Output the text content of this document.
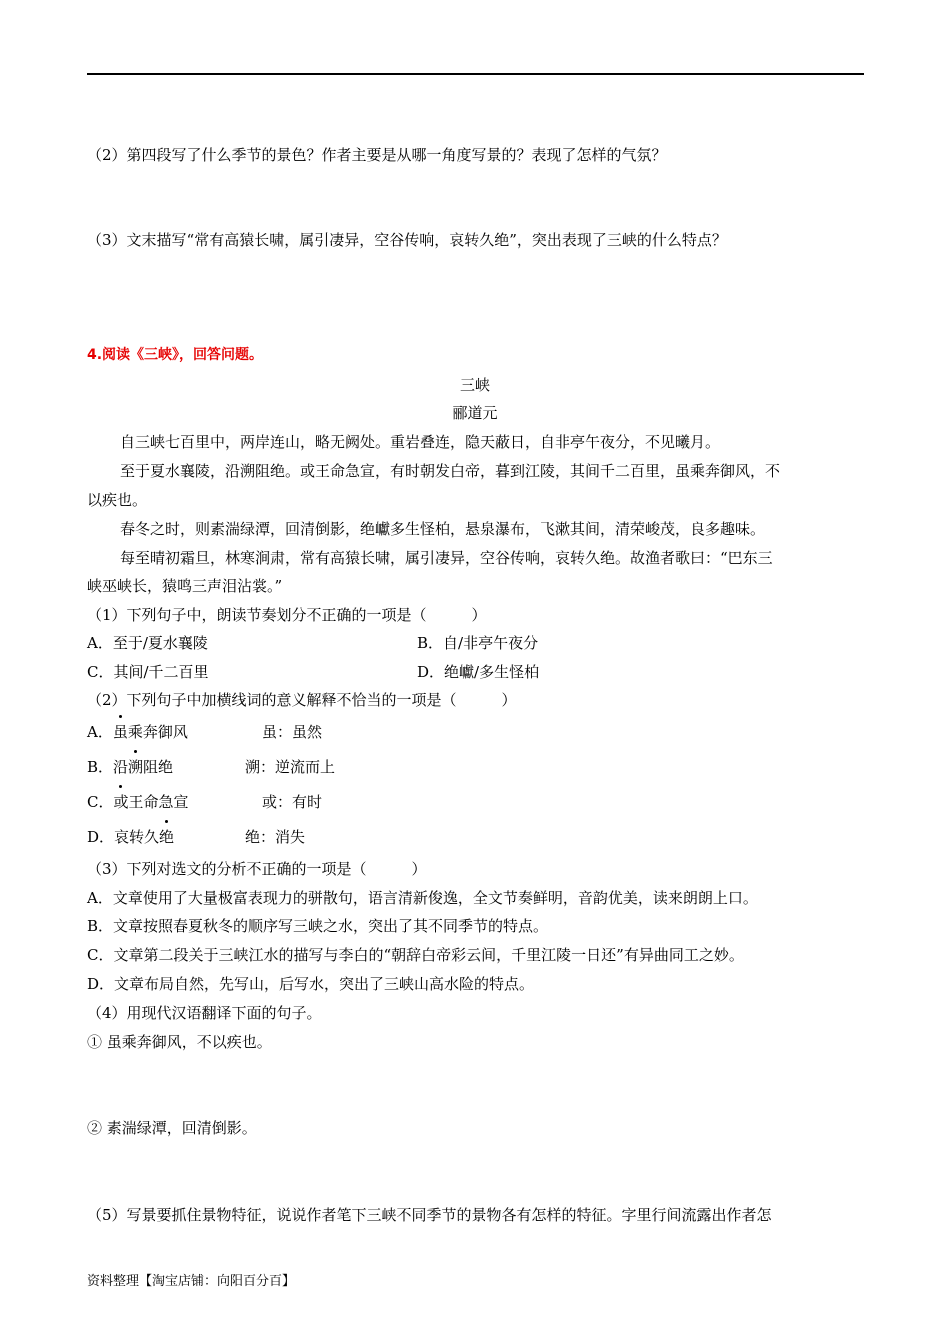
（2）第四段写了什么季节的景色？作者主要是从哪一角度写景的？表现了怎样的气氛？
（3）文末描写“常有高猿长啸，属引凄异，空谷传响，哀转久绝”，突出表现了三峡的什么特点？
4.阅读《三峡》，回答问题。
三峡
郦道元
自三峡七百里中，两岸连山，略无阙处。重岩叠连，隐天蔽日，自非亭午夜分，不见曦月。
至于夏水襄陵，沿溯阻绝。或王命急宣，有时朝发白帝，暮到江陵，其间千二百里，虽乘奔御风，不
以疾也。
春冬之时，则素湍绿潭，回清倒影，绝巘多生怪柏，悬泉瀑布，飞漱其间，清荣峻茂，良多趣味。
每至晴初霜旦，林寒涧肃，常有高猿长啸，属引凄异，空谷传响，哀转久绝。故渔者歌曰：“巴东三
峡巫峡长，猿鸣三声泪沾裳。”
（1）下列句子中，朗读节奏划分不正确的一项是（　　　）
A．至于/夏水襄陵	B．自/非亭午夜分
C．其间/千二百里	D．绝巘/多生怪柏
（2）下列句子中加横线词的意义解释不恰当的一项是（　　　）
A．虽乘奔御风	虽：虽然
B．沿溯阻绝	溯：逆流而上
C．或王命急宣	或：有时
D．哀转久绝	绝：消失
（3）下列对选文的分析不正确的一项是（　　　）
A．文章使用了大量极富表现力的骈散句，语言清新俊逸，全文节奏鲜明，音韵优美，读来朗朗上口。
B．文章按照春夏秋冬的顺序写三峡之水，突出了其不同季节的特点。
C．文章第二段关于三峡江水的描写与李白的“朝辞白帝彩云间，千里江陵一日还”有异曲同工之妙。
D．文章布局自然，先写山，后写水，突出了三峡山高水险的特点。
（4）用现代汉语翻译下面的句子。
① 虽乘奔御风，不以疾也。
② 素湍绿潭，回清倒影。
（5）写景要抓住景物特征，说说作者笔下三峡不同季节的景物各有怎样的特征。字里行间流露出作者怎
资料整理【淘宝店铺：向阳百分百】
